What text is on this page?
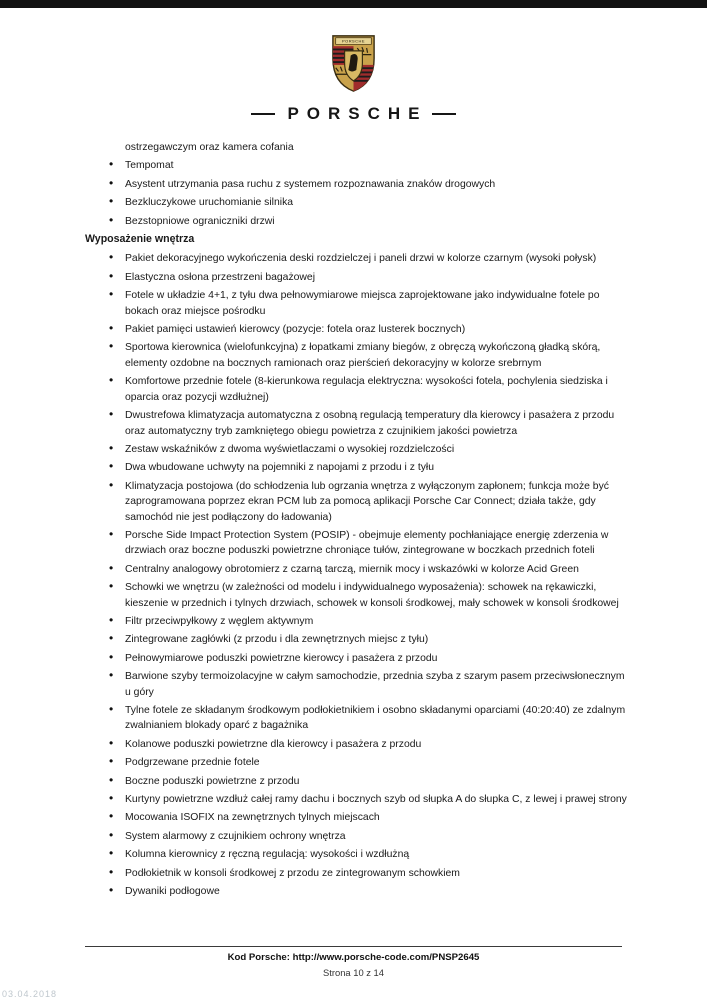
PORSCHE
PORSCHE
ostrzegawczym oraz kamera cofania
• Tempomat
• Asystent utrzymania pasa ruchu z systemem rozpoznawania znaków drogowych
• Bezkluczykowe uruchomianie silnika
• Bezstopniowe ograniczniki drzwi
Wyposażenie wnętrza
• Pakiet dekoracyjnego wykończenia deski rozdzielczej i paneli drzwi w kolorze czarnym (wysoki połysk)
• Elastyczna osłona przestrzeni bagażowej
• Fotele w układzie 4+1, z tyłu dwa pełnowymiarowe miejsca zaprojektowane jako indywidualne fotele po bokach oraz miejsce pośrodku
• Pakiet pamięci ustawień kierowcy (pozycje: fotela oraz lusterek bocznych)
• Sportowa kierownica (wielofunkcyjna) z łopatkami zmiany biegów, z obręczą wykończoną gładką skórą, elementy ozdobne na bocznych ramionach oraz pierścień dekoracyjny w kolorze srebrnym
• Komfortowe przednie fotele (8-kierunkowa regulacja elektryczna: wysokości fotela, pochylenia siedziska i oparcia oraz pozycji wzdłużnej)
• Dwustrefowa klimatyzacja automatyczna z osobną regulacją temperatury dla kierowcy i pasażera z przodu oraz automatyczny tryb zamkniętego obiegu powietrza z czujnikiem jakości powietrza
• Zestaw wskaźników z dwoma wyświetlaczami o wysokiej rozdzielczości
• Dwa wbudowane uchwyty na pojemniki z napojami z przodu i z tyłu
• Klimatyzacja postojowa (do schłodzenia lub ogrzania wnętrza z wyłączonym zapłonem; funkcja może być zaprogramowana poprzez ekran PCM lub za pomocą aplikacji Porsche Car Connect; działa także, gdy samochód nie jest podłączony do ładowania)
• Porsche Side Impact Protection System (POSIP) - obejmuje elementy pochłaniające energię zderzenia w drzwiach oraz boczne poduszki powietrzne chroniące tułów, zintegrowane w boczkach przednich foteli
• Centralny analogowy obrotomierz z czarną tarczą, miernik mocy i wskazówki w kolorze Acid Green
• Schowki we wnętrzu (w zależności od modelu i indywidualnego wyposażenia): schowek na rękawiczki, kieszenie w przednich i tylnych drzwiach, schowek w konsoli środkowej, mały schowek w konsoli środkowej
• Filtr przeciwpyłkowy z węglem aktywnym
• Zintegrowane zagłówki (z przodu i dla zewnętrznych miejsc z tyłu)
• Pełnowymiarowe poduszki powietrzne kierowcy i pasażera z przodu
• Barwione szyby termoizolacyjne w całym samochodzie, przednia szyba z szarym pasem przeciwsłonecznym u góry
• Tylne fotele ze składanym środkowym podłokietnikiem i osobno składanymi oparciami (40:20:40) ze zdalnym zwalnianiem blokady oparć z bagażnika
• Kolanowe poduszki powietrzne dla kierowcy i pasażera z przodu
• Podgrzewane przednie fotele
• Boczne poduszki powietrzne z przodu
• Kurtyny powietrzne wzdłuż całej ramy dachu i bocznych szyb od słupka A do słupka C, z lewej i prawej strony
• Mocowania ISOFIX na zewnętrznych tylnych miejscach
• System alarmowy z czujnikiem ochrony wnętrza
• Kolumna kierownicy z ręczną regulacją: wysokości i wzdłużną
• Podłokietnik w konsoli środkowej z przodu ze zintegrowanym schowkiem
• Dywaniki podłogowe
Kod Porsche: http://www.porsche-code.com/PNSP2645
Strona 10 z 14
03.04.2018
